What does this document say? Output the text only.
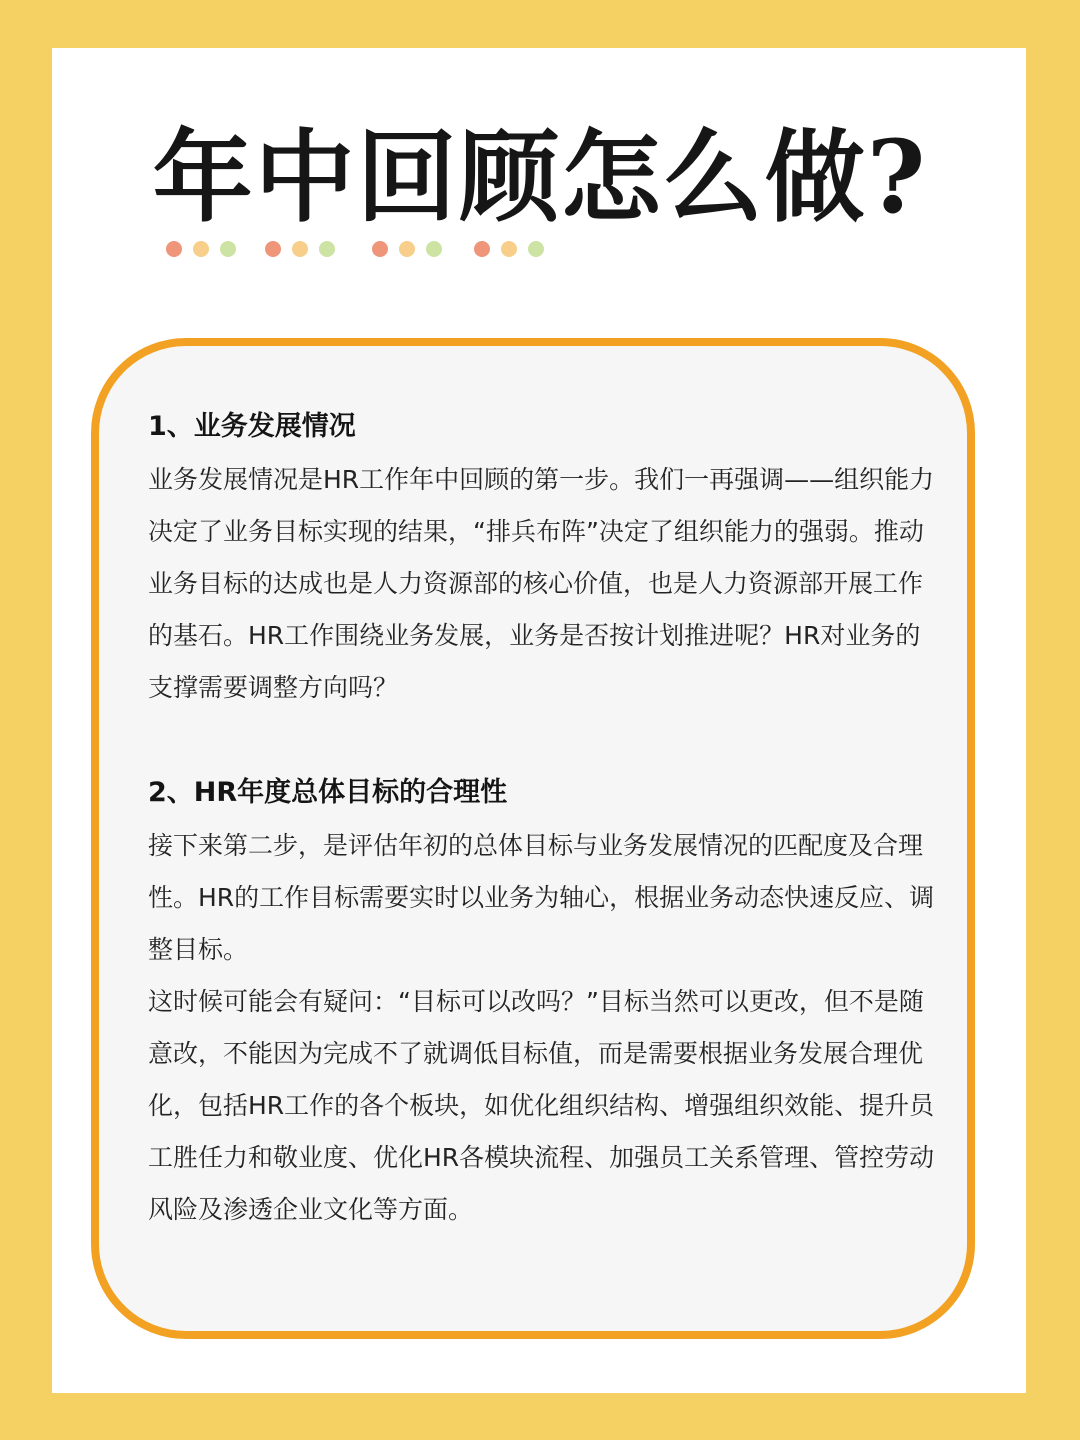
年中回顾怎么做?
1、业务发展情况

业务发展情况是HR工作年中回顾的第一步。我们一再强调——组织能力决定了业务目标实现的结果，“排兵布阵”决定了组织能力的强弱。推动业务目标的达成也是人力资源部的核心价值，也是人力资源部开展工作的基石。HR工作围绕业务发展，业务是否按计划推进呢？HR对业务的支撑需要调整方向吗？

2、HR年度总体目标的合理性

接下来第二步，是评估年初的总体目标与业务发展情况的匹配度及合理性。HR的工作目标需要实时以业务为轴心，根据业务动态快速反应、调整目标。

这时候可能会有疑问：“目标可以改吗？”目标当然可以更改，但不是随意改，不能因为完成不了就调低目标值，而是需要根据业务发展合理优化，包括HR工作的各个板块，如优化组织结构、增强组织效能、提升员工胜任力和敬业度、优化HR各模块流程、加强员工关系管理、管控劳动风险及渗透企业文化等方面。
